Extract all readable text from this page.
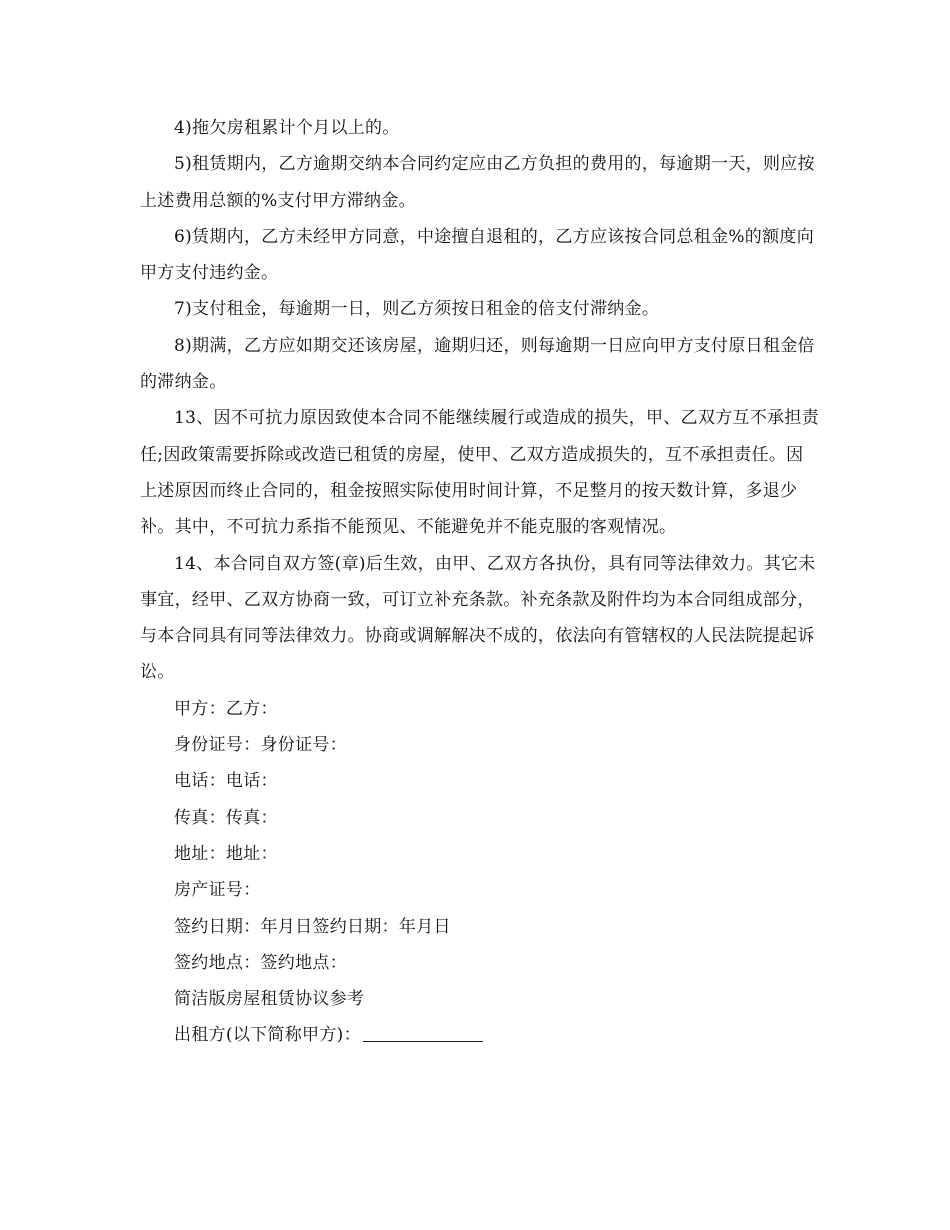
4)拖欠房租累计个月以上的。

5)租赁期内，乙方逾期交纳本合同约定应由乙方负担的费用的，每逾期一天，则应按上述费用总额的%支付甲方滞纳金。

6)赁期内，乙方未经甲方同意，中途擅自退租的，乙方应该按合同总租金%的额度向甲方支付违约金。

7)支付租金，每逾期一日，则乙方须按日租金的倍支付滞纳金。

8)期满，乙方应如期交还该房屋，逾期归还，则每逾期一日应向甲方支付原日租金倍的滞纳金。

13、因不可抗力原因致使本合同不能继续履行或造成的损失，甲、乙双方互不承担责任;因政策需要拆除或改造已租赁的房屋，使甲、乙双方造成损失的，互不承担责任。因上述原因而终止合同的，租金按照实际使用时间计算，不足整月的按天数计算，多退少补。其中，不可抗力系指不能预见、不能避免并不能克服的客观情况。

14、本合同自双方签(章)后生效，由甲、乙双方各执份，具有同等法律效力。其它未事宜，经甲、乙双方协商一致，可订立补充条款。补充条款及附件均为本合同组成部分，与本合同具有同等法律效力。协商或调解解决不成的，依法向有管辖权的人民法院提起诉讼。

甲方：乙方：

身份证号：身份证号：

电话：电话：

传真：传真：

地址：地址：

房产证号：

签约日期：年月日签约日期：年月日

签约地点：签约地点：

简洁版房屋租赁协议参考

出租方(以下简称甲方)：
